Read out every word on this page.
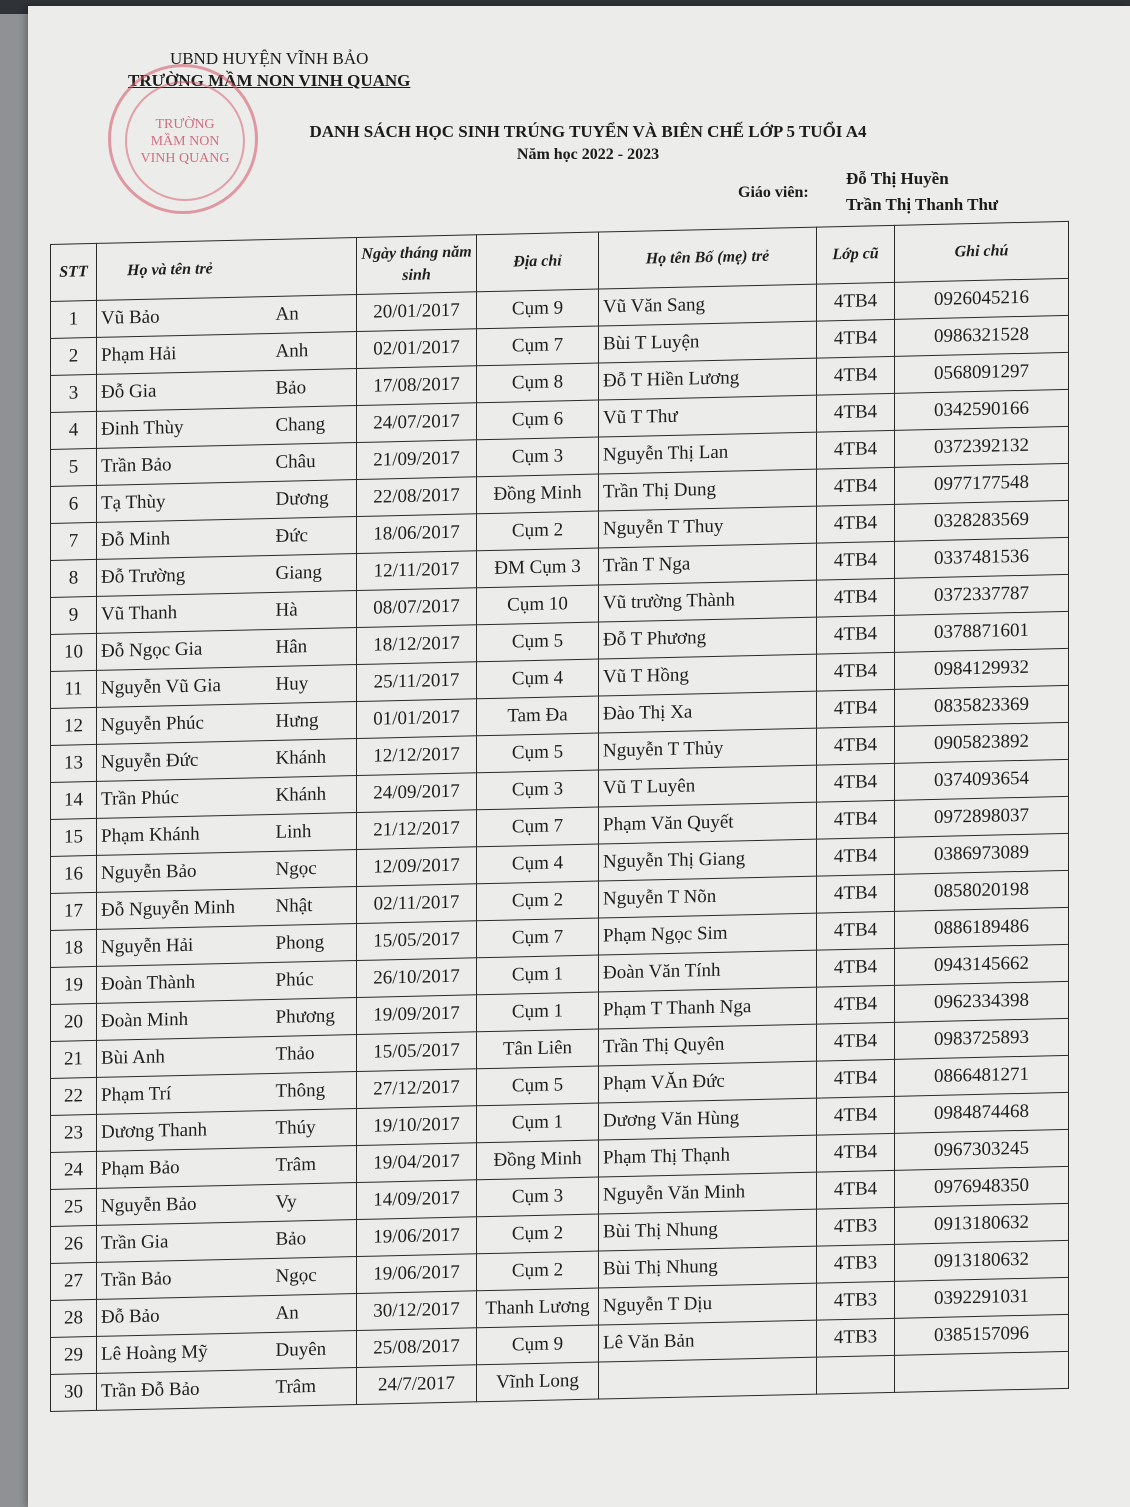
UBND HUYỆN VĨNH BẢO
TRƯỜNG MẦM NON VINH QUANG
TRƯỜNG
MẦM NON
VINH QUANG
DANH SÁCH HỌC SINH TRÚNG TUYỂN VÀ BIÊN CHẾ LỚP 5 TUỔI A4
Năm học 2022 - 2023
Giáo viên:
Đỗ Thị Huyền
Trần Thị Thanh Thư
STT	Họ và tên trẻ		Ngày tháng năm sinh	Địa chỉ	Họ tên Bố (mẹ) trẻ	Lớp cũ	Ghi chú
1	Vũ Bảo	An	20/01/2017	Cụm 9	Vũ Văn Sang	4TB4	0926045216
2	Phạm Hải	Anh	02/01/2017	Cụm 7	Bùi T Luyện	4TB4	0986321528
3	Đỗ Gia	Bảo	17/08/2017	Cụm 8	Đỗ T Hiền Lương	4TB4	0568091297
4	Đinh Thùy	Chang	24/07/2017	Cụm 6	Vũ T Thư	4TB4	0342590166
5	Trần Bảo	Châu	21/09/2017	Cụm 3	Nguyễn Thị Lan	4TB4	0372392132
6	Tạ Thùy	Dương	22/08/2017	Đồng Minh	Trần Thị Dung	4TB4	0977177548
7	Đỗ Minh	Đức	18/06/2017	Cụm 2	Nguyễn T Thuy	4TB4	0328283569
8	Đỗ Trường	Giang	12/11/2017	ĐM Cụm 3	Trần T Nga	4TB4	0337481536
9	Vũ Thanh	Hà	08/07/2017	Cụm 10	Vũ trường Thành	4TB4	0372337787
10	Đỗ Ngọc Gia	Hân	18/12/2017	Cụm 5	Đỗ T Phương	4TB4	0378871601
11	Nguyễn Vũ Gia	Huy	25/11/2017	Cụm 4	Vũ T Hồng	4TB4	0984129932
12	Nguyễn Phúc	Hưng	01/01/2017	Tam Đa	Đào Thị Xa	4TB4	0835823369
13	Nguyễn Đức	Khánh	12/12/2017	Cụm 5	Nguyễn T Thủy	4TB4	0905823892
14	Trần Phúc	Khánh	24/09/2017	Cụm 3	Vũ T Luyên	4TB4	0374093654
15	Phạm Khánh	Linh	21/12/2017	Cụm 7	Phạm Văn Quyết	4TB4	0972898037
16	Nguyễn Bảo	Ngọc	12/09/2017	Cụm 4	Nguyễn Thị Giang	4TB4	0386973089
17	Đỗ Nguyễn Minh	Nhật	02/11/2017	Cụm 2	Nguyễn T Nõn	4TB4	0858020198
18	Nguyễn Hải	Phong	15/05/2017	Cụm 7	Phạm Ngọc Sim	4TB4	0886189486
19	Đoàn Thành	Phúc	26/10/2017	Cụm 1	Đoàn Văn Tính	4TB4	0943145662
20	Đoàn Minh	Phương	19/09/2017	Cụm 1	Phạm T Thanh Nga	4TB4	0962334398
21	Bùi Anh	Thảo	15/05/2017	Tân Liên	Trần Thị Quyên	4TB4	0983725893
22	Phạm Trí	Thông	27/12/2017	Cụm 5	Phạm VĂn Đức	4TB4	0866481271
23	Dương Thanh	Thúy	19/10/2017	Cụm 1	Dương Văn Hùng	4TB4	0984874468
24	Phạm Bảo	Trâm	19/04/2017	Đồng Minh	Phạm Thị Thạnh	4TB4	0967303245
25	Nguyễn Bảo	Vy	14/09/2017	Cụm 3	Nguyễn Văn Minh	4TB4	0976948350
26	Trần Gia	Bảo	19/06/2017	Cụm 2	Bùi Thị Nhung	4TB3	0913180632
27	Trần Bảo	Ngọc	19/06/2017	Cụm 2	Bùi Thị Nhung	4TB3	0913180632
28	Đỗ Bảo	An	30/12/2017	Thanh Lương	Nguyễn T Dịu	4TB3	0392291031
29	Lê Hoàng Mỹ	Duyên	25/08/2017	Cụm 9	Lê Văn Bản	4TB3	0385157096
30	Trần Đỗ Bảo	Trâm	24/7/2017	Vĩnh Long			
